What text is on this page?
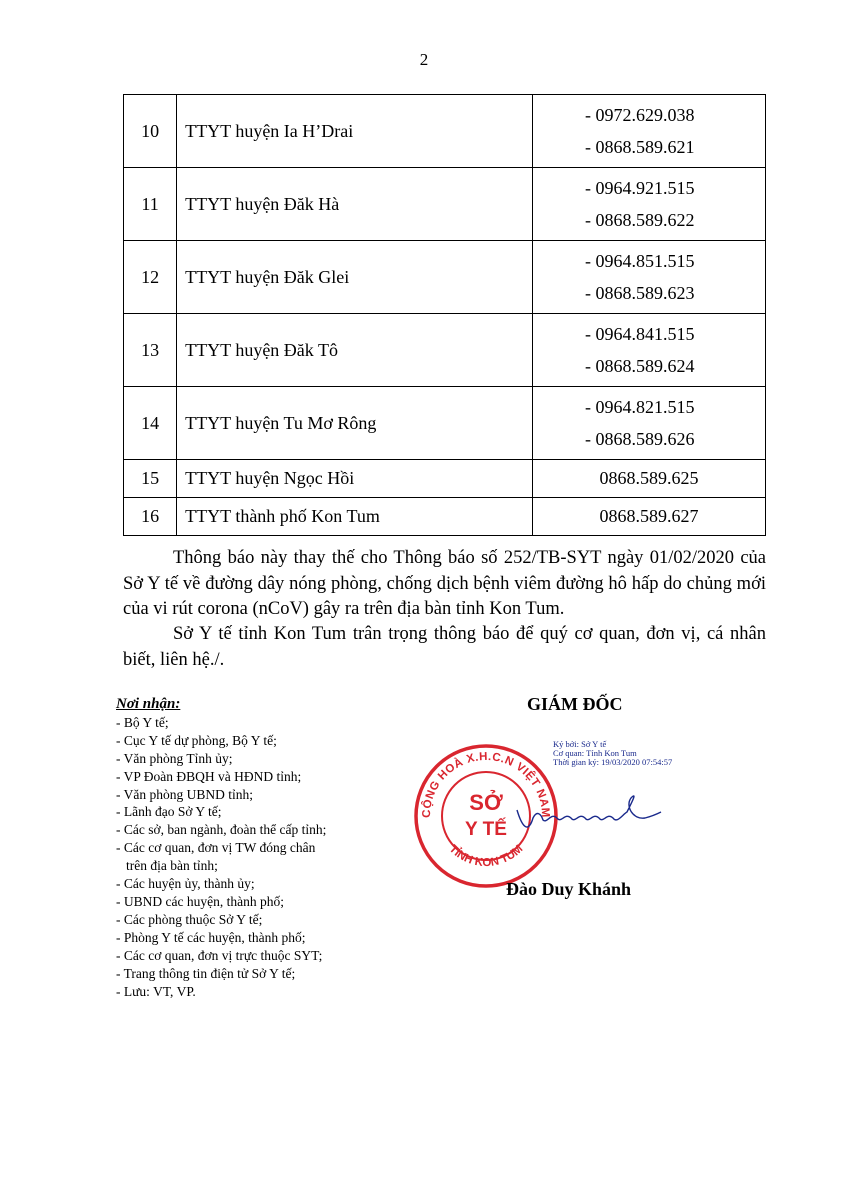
2
10	TTYT huyện Ia H’Drai	- 0972.629.038
- 0868.589.621

11	TTYT huyện Đăk Hà	- 0964.921.515
- 0868.589.622

12	TTYT huyện Đăk Glei	- 0964.851.515
- 0868.589.623

13	TTYT huyện Đăk Tô	- 0964.841.515
- 0868.589.624

14	TTYT huyện Tu Mơ Rông	- 0964.821.515
- 0868.589.626

15	TTYT huyện Ngọc Hồi	0868.589.625

16	TTYT thành phố Kon Tum	0868.589.627

Thông báo này thay thế cho Thông báo số 252/TB-SYT ngày 01/02/2020 của Sở Y tế về đường dây nóng phòng, chống dịch bệnh viêm đường hô hấp do chủng mới của vi rút corona (nCoV) gây ra trên địa bàn tỉnh Kon Tum.

Sở Y tế tỉnh Kon Tum trân trọng thông báo để quý cơ quan, đơn vị, cá nhân biết, liên hệ./.

Nơi nhận:
- Bộ Y tế;
- Cục Y tế dự phòng, Bộ Y tế;
- Văn phòng Tỉnh ủy;
- VP Đoàn ĐBQH và HĐND tỉnh;
- Văn phòng UBND tỉnh;
- Lãnh đạo Sở Y tế;
- Các sở, ban ngành, đoàn thể cấp tỉnh;
- Các cơ quan, đơn vị TW đóng chân
trên địa bàn tỉnh;
- Các huyện ủy, thành ủy;
- UBND các huyện, thành phố;
- Các phòng thuộc Sở Y tế;
- Phòng Y tế các huyện, thành phố;
- Các cơ quan, đơn vị trực thuộc SYT;
- Trang thông tin điện tử Sở Y tế;
- Lưu: VT, VP.
GIÁM ĐỐC
CỘNG HOÀ X.H.C.N VIỆT NAM
TỈNH KON TUM
SỞ
Y TẾ
Ký bởi: Sở Y tế
Cơ quan: Tỉnh Kon Tum
Thời gian ký: 19/03/2020 07:54:57
Đào Duy Khánh
